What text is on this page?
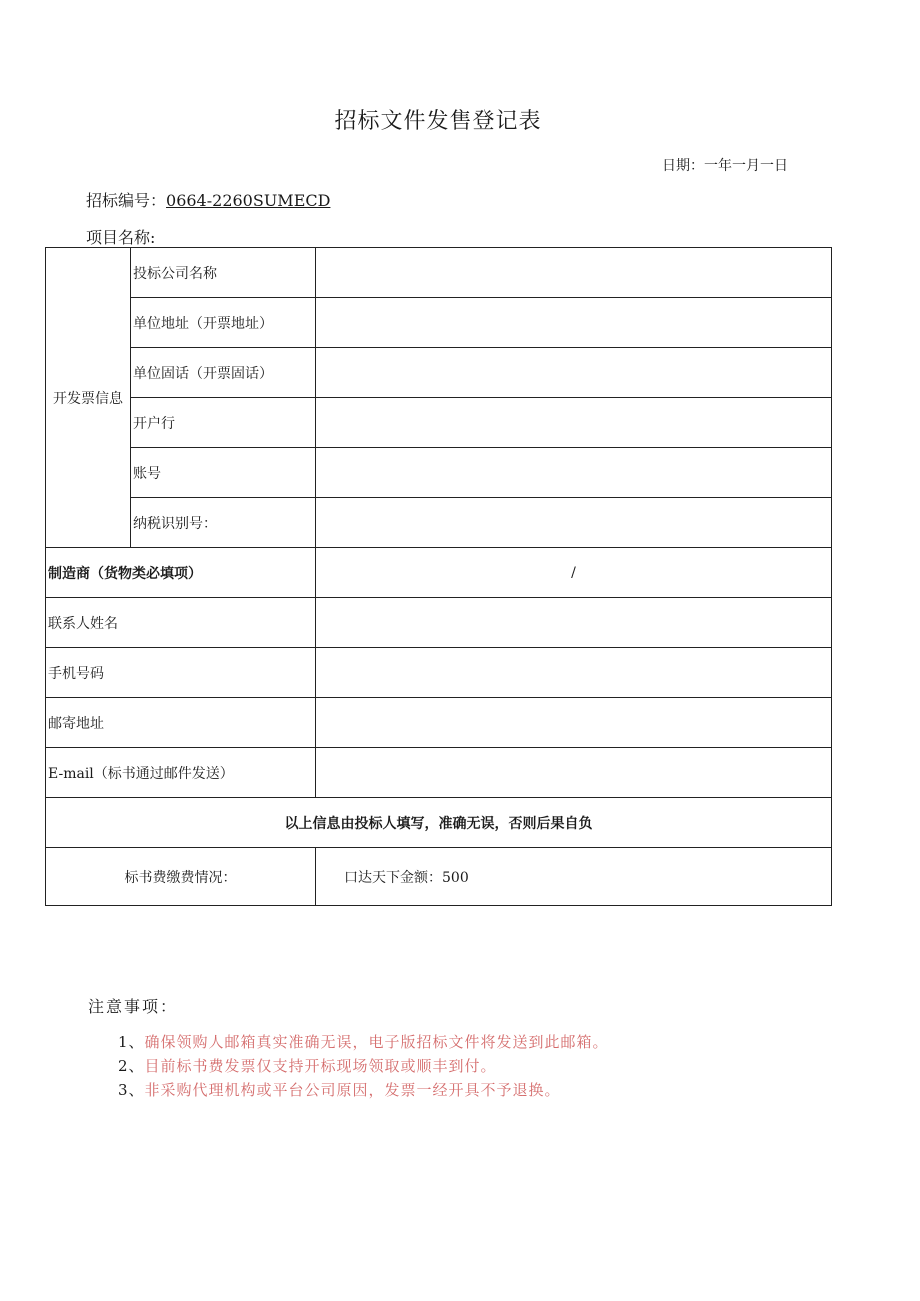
招标文件发售登记表
日期：一年一月一日
招标编号：0664-2260SUMECD
项目名称:
开发票信息	投标公司名称	
	单位地址（开票地址）	
	单位固话（开票固话）	
	开户行	
	账号	
	纳税识别号：	
制造商（货物类必填项）		/
联系人姓名		
手机号码		
邮寄地址		
E-mail（标书通过邮件发送）		
以上信息由投标人填写，准确无误，否则后果自负		
标书费缴费情况：		口达天下金额：500
注意事项：
1、确保领购人邮箱真实准确无误，电子版招标文件将发送到此邮箱。
2、目前标书费发票仅支持开标现场领取或顺丰到付。
3、非采购代理机构或平台公司原因，发票一经开具不予退换。
